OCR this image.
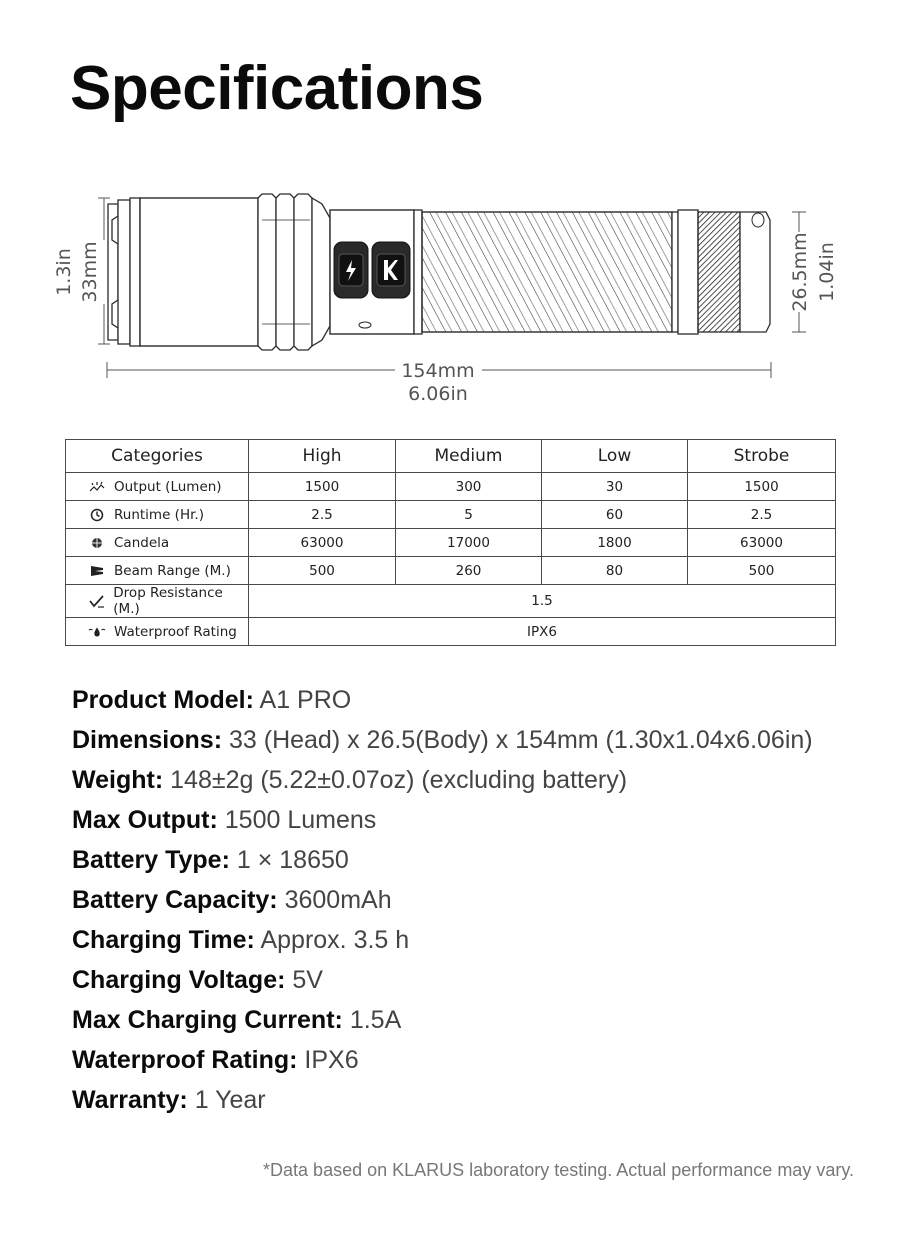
Specifications
1.3in 33mm	26.5mm 1.04in
154mm
6.06in
Categories	High	Medium	Low	Strobe

Output (Lumen)	1500	300	30	1500

Runtime (Hr.)	2.5	5	60	2.5

Candela	63000	17000	1800	63000

Beam Range (M.)	500	260	80	500

Drop Resistance (M.)	1.5			

Waterproof Rating	IPX6			
Product Model: A1 PRO
Dimensions: 33 (Head) x 26.5(Body) x 154mm (1.30x1.04x6.06in)
Weight: 148±2g (5.22±0.07oz) (excluding battery)
Max Output: 1500 Lumens
Battery Type: 1 × 18650
Battery Capacity: 3600mAh
Charging Time: Approx. 3.5 h
Charging Voltage: 5V
Max Charging Current: 1.5A
Waterproof Rating: IPX6
Warranty: 1 Year

*Data based on KLARUS laboratory testing. Actual performance may vary.
